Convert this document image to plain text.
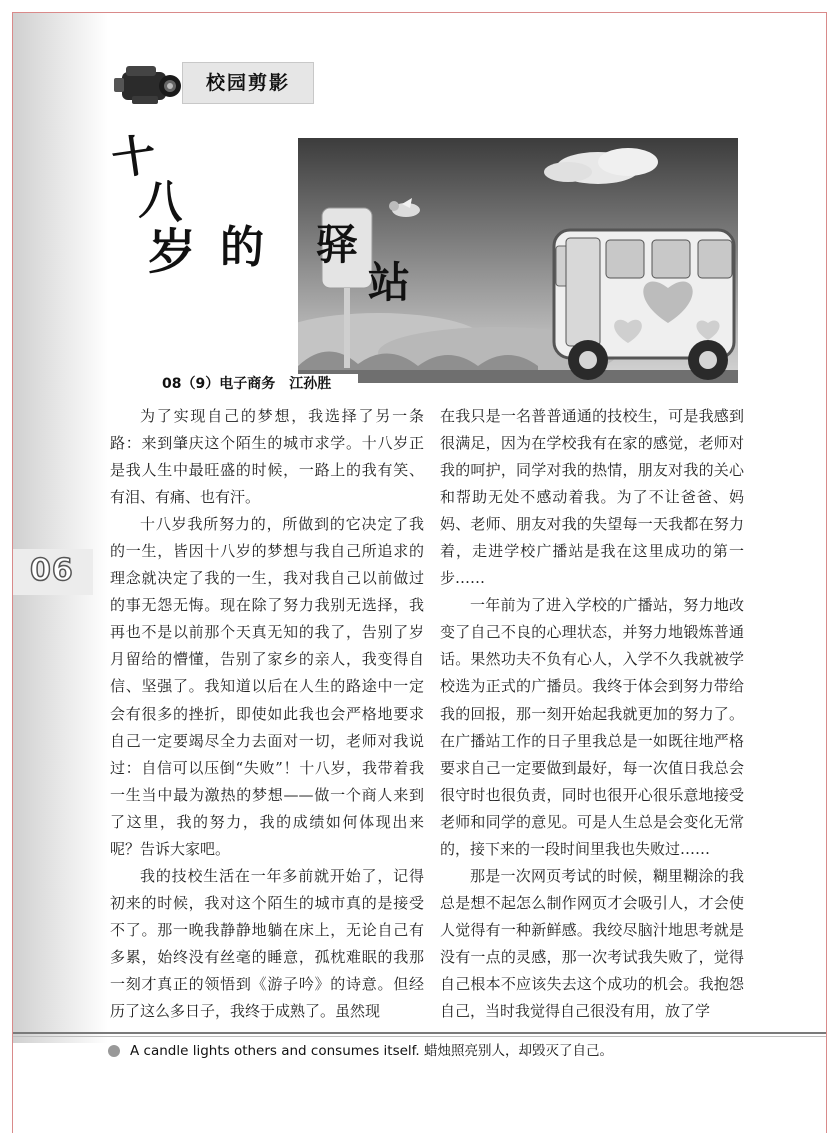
校园剪影
十
八
岁 的 驿
站
08（9）电子商务　江孙胜

为了实现自己的梦想，我选择了另一条路：来到肇庆这个陌生的城市求学。十八岁正是我人生中最旺盛的时候，一路上的我有笑、有泪、有痛、也有汗。

十八岁我所努力的，所做到的它决定了我的一生，皆因十八岁的梦想与我自己所追求的理念就决定了我的一生，我对我自己以前做过的事无怨无悔。现在除了努力我别无选择，我再也不是以前那个天真无知的我了，告别了岁月留给的懵懂，告别了家乡的亲人，我变得自信、坚强了。我知道以后在人生的路途中一定会有很多的挫折，即使如此我也会严格地要求自己一定要竭尽全力去面对一切，老师对我说过：自信可以压倒“失败”！十八岁，我带着我一生当中最为激热的梦想——做一个商人来到了这里，我的努力，我的成绩如何体现出来呢？告诉大家吧。

我的技校生活在一年多前就开始了，记得初来的时候，我对这个陌生的城市真的是接受不了。那一晚我静静地躺在床上，无论自己有多累，始终没有丝毫的睡意，孤枕难眠的我那一刻才真正的领悟到《游子吟》的诗意。但经历了这么多日子，我终于成熟了。虽然现

在我只是一名普普通通的技校生，可是我感到很满足，因为在学校我有在家的感觉，老师对我的呵护，同学对我的热情，朋友对我的关心和帮助无处不感动着我。为了不让爸爸、妈妈、老师、朋友对我的失望每一天我都在努力着，走进学校广播站是我在这里成功的第一步……

一年前为了进入学校的广播站，努力地改变了自己不良的心理状态，并努力地锻炼普通话。果然功夫不负有心人，入学不久我就被学校选为正式的广播员。我终于体会到努力带给我的回报，那一刻开始起我就更加的努力了。在广播站工作的日子里我总是一如既往地严格要求自己一定要做到最好，每一次值日我总会很守时也很负责，同时也很开心很乐意地接受老师和同学的意见。可是人生总是会变化无常的，接下来的一段时间里我也失败过……

那是一次网页考试的时候，糊里糊涂的我总是想不起怎么制作网页才会吸引人，才会使人觉得有一种新鲜感。我绞尽脑汁地思考就是没有一点的灵感，那一次考试我失败了，觉得自己根本不应该失去这个成功的机会。我抱怨自己，当时我觉得自己很没有用，放了学

06
A candle lights others and consumes itself. 蜡烛照亮别人，却毁灭了自己。
